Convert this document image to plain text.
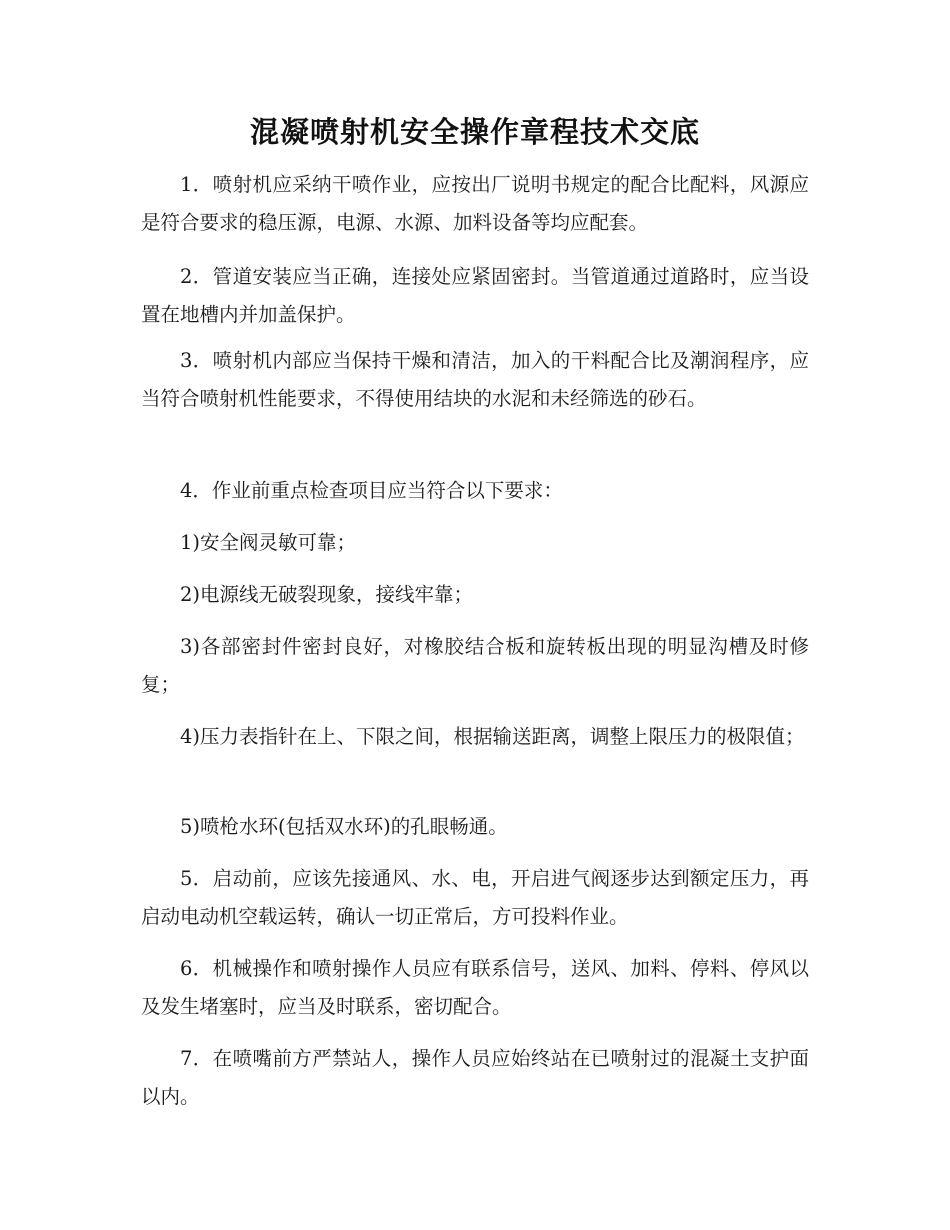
混凝喷射机安全操作章程技术交底
1．喷射机应采纳干喷作业，应按出厂说明书规定的配合比配料，风源应是符合要求的稳压源，电源、水源、加料设备等均应配套。
2．管道安装应当正确，连接处应紧固密封。当管道通过道路时，应当设置在地槽内并加盖保护。
3．喷射机内部应当保持干燥和清洁，加入的干料配合比及潮润程序，应当符合喷射机性能要求，不得使用结块的水泥和未经筛选的砂石。
4．作业前重点检查项目应当符合以下要求：
1)安全阀灵敏可靠；
2)电源线无破裂现象，接线牢靠；
3)各部密封件密封良好，对橡胶结合板和旋转板出现的明显沟槽及时修复；
4)压力表指针在上、下限之间，根据输送距离，调整上限压力的极限值；
5)喷枪水环(包括双水环)的孔眼畅通。
5．启动前，应该先接通风、水、电，开启进气阀逐步达到额定压力，再启动电动机空载运转，确认一切正常后，方可投料作业。
6．机械操作和喷射操作人员应有联系信号，送风、加料、停料、停风以及发生堵塞时，应当及时联系，密切配合。
7．在喷嘴前方严禁站人，操作人员应始终站在已喷射过的混凝土支护面以内。
